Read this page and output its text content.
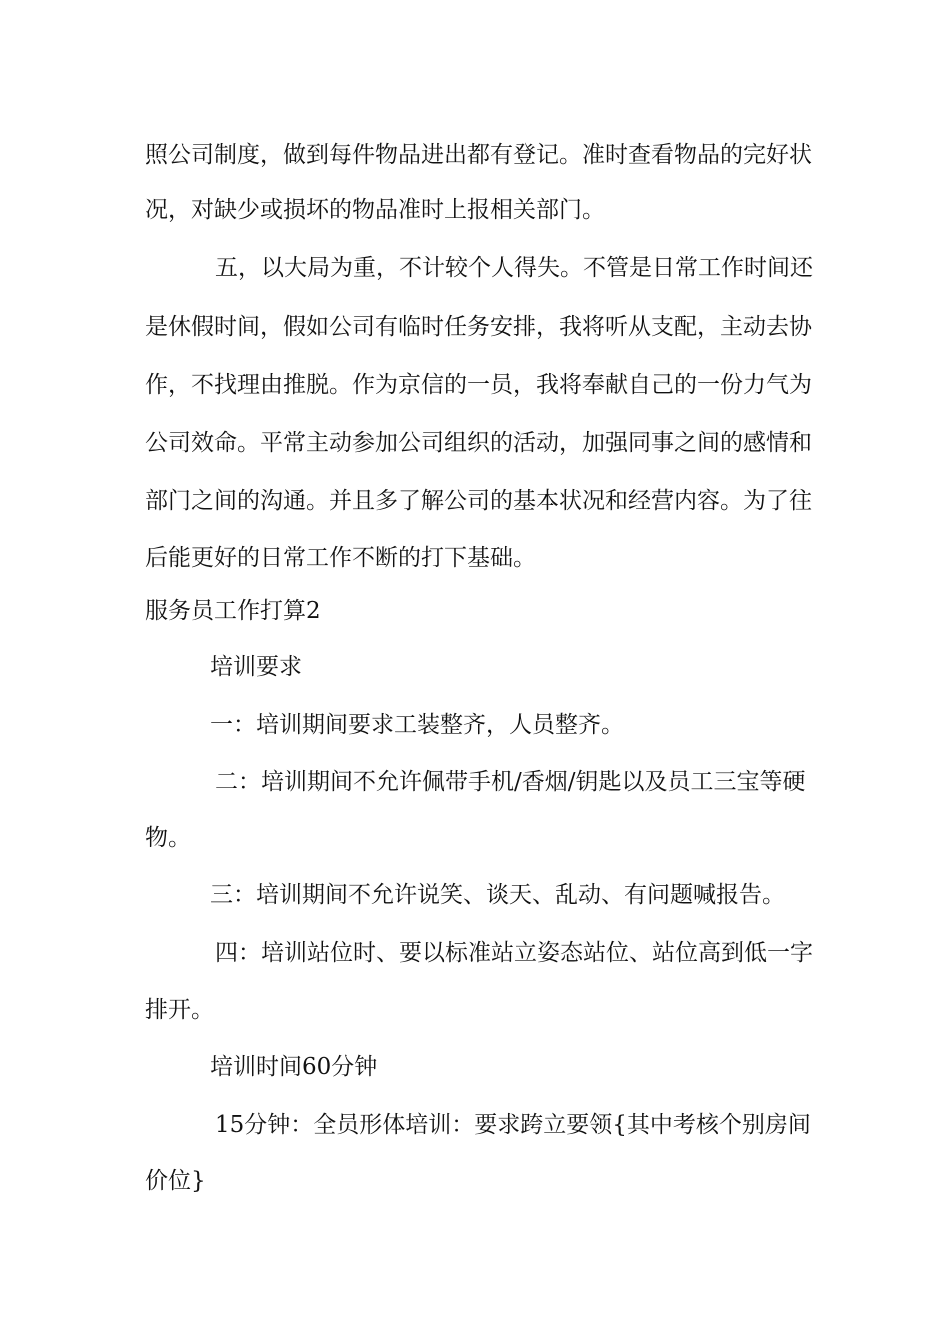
照公司制度，做到每件物品进出都有登记。准时查看物品的完好状
况，对缺少或损坏的物品准时上报相关部门。
五，以大局为重，不计较个人得失。不管是日常工作时间还
是休假时间，假如公司有临时任务安排，我将听从支配，主动去协
作，不找理由推脱。作为京信的一员，我将奉献自己的一份力气为
公司效命。平常主动参加公司组织的活动，加强同事之间的感情和
部门之间的沟通。并且多了解公司的基本状况和经营内容。为了往
后能更好的日常工作不断的打下基础。
服务员工作打算2
培训要求
一：培训期间要求工装整齐，人员整齐。
二：培训期间不允许佩带手机/香烟/钥匙以及员工三宝等硬
物。
三：培训期间不允许说笑、谈天、乱动、有问题喊报告。
四：培训站位时、要以标准站立姿态站位、站位高到低一字
排开。
培训时间60分钟
15分钟：全员形体培训：要求跨立要领{其中考核个别房间
价位}
